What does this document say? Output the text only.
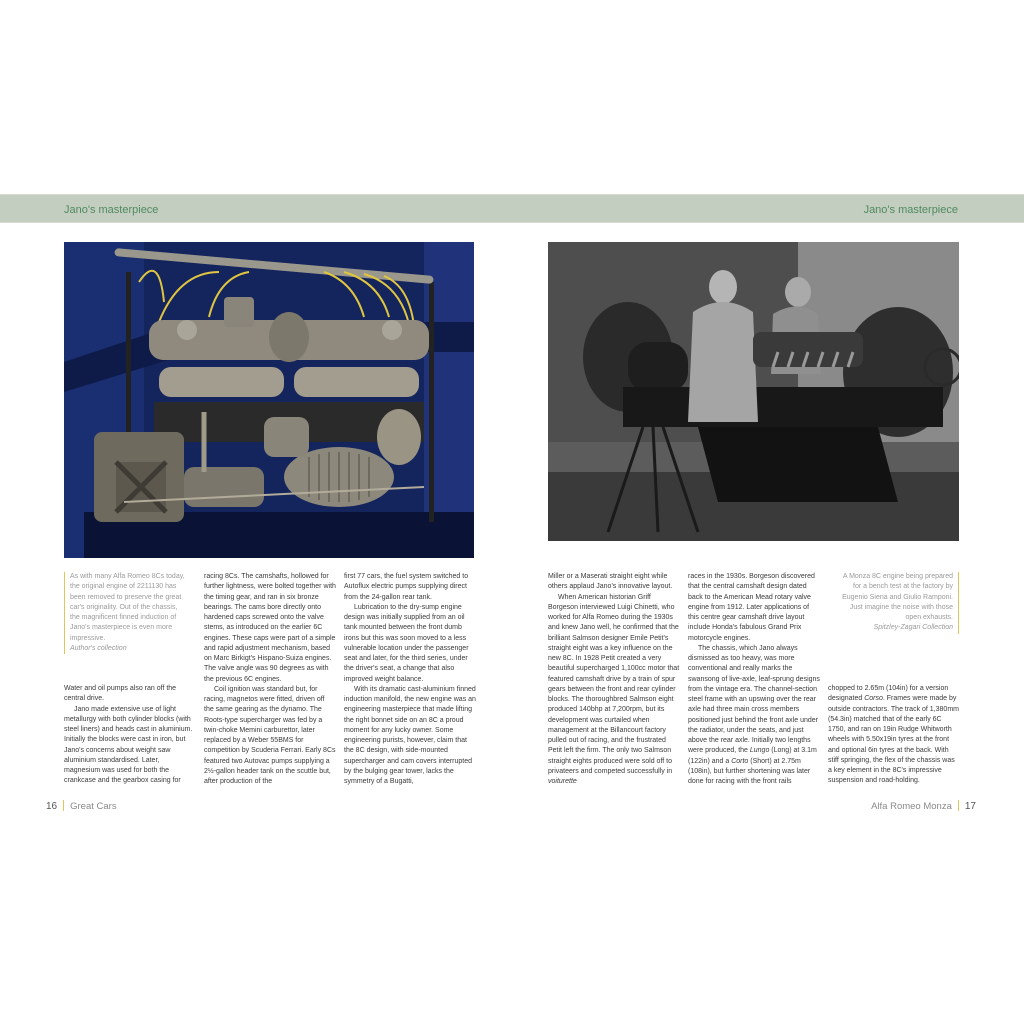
Jano's masterpiece	Jano's masterpiece
As with many Alfa Romeo 8Cs today, the original engine of 2211130 has been removed to preserve the great car's originality. Out of the chassis, the magnificent finned induction of Jano's masterpiece is even more impressive.
Author's collection

Water and oil pumps also ran off the central drive.

Jano made extensive use of light metallurgy with both cylinder blocks (with steel liners) and heads cast in aluminium. Initially the blocks were cast in iron, but Jano's concerns about weight saw aluminium standardised. Later, magnesium was used for both the crankcase and the gearbox casing for

racing 8Cs. The camshafts, hollowed for further lightness, were bolted together with the timing gear, and ran in six bronze bearings. The cams bore directly onto hardened caps screwed onto the valve stems, as introduced on the earlier 6C engines. These caps were part of a simple and rapid adjustment mechanism, based on Marc Birkigt's Hispano-Suiza engines. The valve angle was 90 degrees as with the previous 6C engines.

Coil ignition was standard but, for racing, magnetos were fitted, driven off the same gearing as the dynamo. The Roots-type supercharger was fed by a twin-choke Memini carburettor, later replaced by a Weber 55BMS for competition by Scuderia Ferrari. Early 8Cs featured two Autovac pumps supplying a 2½-gallon header tank on the scuttle but, after production of the

first 77 cars, the fuel system switched to Autoflux electric pumps supplying direct from the 24-gallon rear tank.

Lubrication to the dry-sump engine design was initially supplied from an oil tank mounted between the front dumb irons but this was soon moved to a less vulnerable location under the passenger seat and later, for the third series, under the driver's seat, a change that also improved weight balance.

With its dramatic cast-aluminium finned induction manifold, the new engine was an engineering masterpiece that made lifting the right bonnet side on an 8C a proud moment for any lucky owner. Some engineering purists, however, claim that the 8C design, with side-mounted supercharger and cam covers interrupted by the bulging gear tower, lacks the symmetry of a Bugatti,

Miller or a Maserati straight eight while others applaud Jano's innovative layout.

When American historian Griff Borgeson interviewed Luigi Chinetti, who worked for Alfa Romeo during the 1930s and knew Jano well, he confirmed that the brilliant Salmson designer Emile Petit's straight eight was a key influence on the new 8C. In 1928 Petit created a very beautiful supercharged 1,100cc motor that featured camshaft drive by a train of spur gears between the front and rear cylinder blocks. The thoroughbred Salmson eight produced 140bhp at 7,200rpm, but its development was curtailed when management at the Billancourt factory pulled out of racing, and the frustrated Petit left the firm. The only two Salmson straight eights produced were sold off to privateers and competed successfully in voiturette

races in the 1930s. Borgeson discovered that the central camshaft design dated back to the American Mead rotary valve engine from 1912. Later applications of this centre gear camshaft drive layout include Honda's fabulous Grand Prix motorcycle engines.

The chassis, which Jano always dismissed as too heavy, was more conventional and really marks the swansong of live-axle, leaf-sprung designs from the vintage era. The channel-section steel frame with an upswing over the rear axle had three main cross members positioned just behind the front axle under the radiator, under the seats, and just above the rear axle. Initially two lengths were produced, the Lungo (Long) at 3.1m (122in) and a Corto (Short) at 2.75m (108in), but further shortening was later done for racing with the front rails

chopped to 2.65m (104in) for a version designated Corso. Frames were made by outside contractors. The track of 1,380mm (54.3in) matched that of the early 6C 1750, and ran on 19in Rudge Whitworth wheels with 5.50x19in tyres at the front and optional 6in tyres at the back. With stiff springing, the flex of the chassis was a key element in the 8C's impressive suspension and road-holding.

A Monza 8C engine being prepared for a bench test at the factory by Eugenio Siena and Giulio Ramponi. Just imagine the noise with those open exhausts.
Spitzley-Zagari Collection
16 Great Cars	Alfa Romeo Monza 17
